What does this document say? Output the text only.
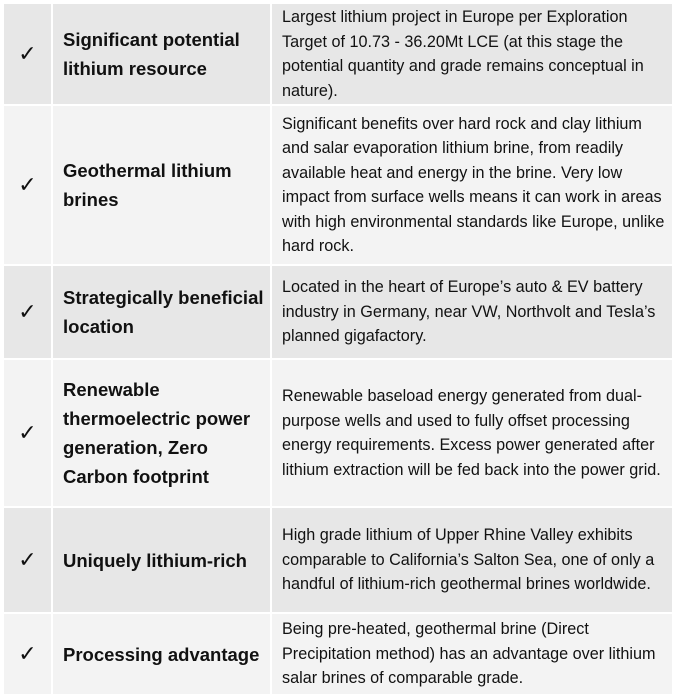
✓	Significant potential lithium resource	Largest lithium project in Europe per Exploration Target of 10.73 - 36.20Mt LCE (at this stage the potential quantity and grade remains conceptual in nature).
✓	Geothermal lithium brines	Significant benefits over hard rock and clay lithium and salar evaporation lithium brine, from readily available heat and energy in the brine. Very low impact from surface wells means it can work in areas with high environmental standards like Europe, unlike hard rock.
✓	Strategically beneficial location	Located in the heart of Europe’s auto & EV battery industry in Germany, near VW, Northvolt and Tesla’s planned gigafactory.
✓	Renewable thermoelectric power generation, Zero Carbon footprint	Renewable baseload energy generated from dual-purpose wells and used to fully offset processing energy requirements. Excess power generated after lithium extraction will be fed back into the power grid.
✓	Uniquely lithium-rich	High grade lithium of Upper Rhine Valley exhibits comparable to California’s Salton Sea, one of only a handful of lithium-rich geothermal brines worldwide.
✓	Processing advantage	Being pre-heated, geothermal brine (Direct Precipitation method) has an advantage over lithium salar brines of comparable grade.
